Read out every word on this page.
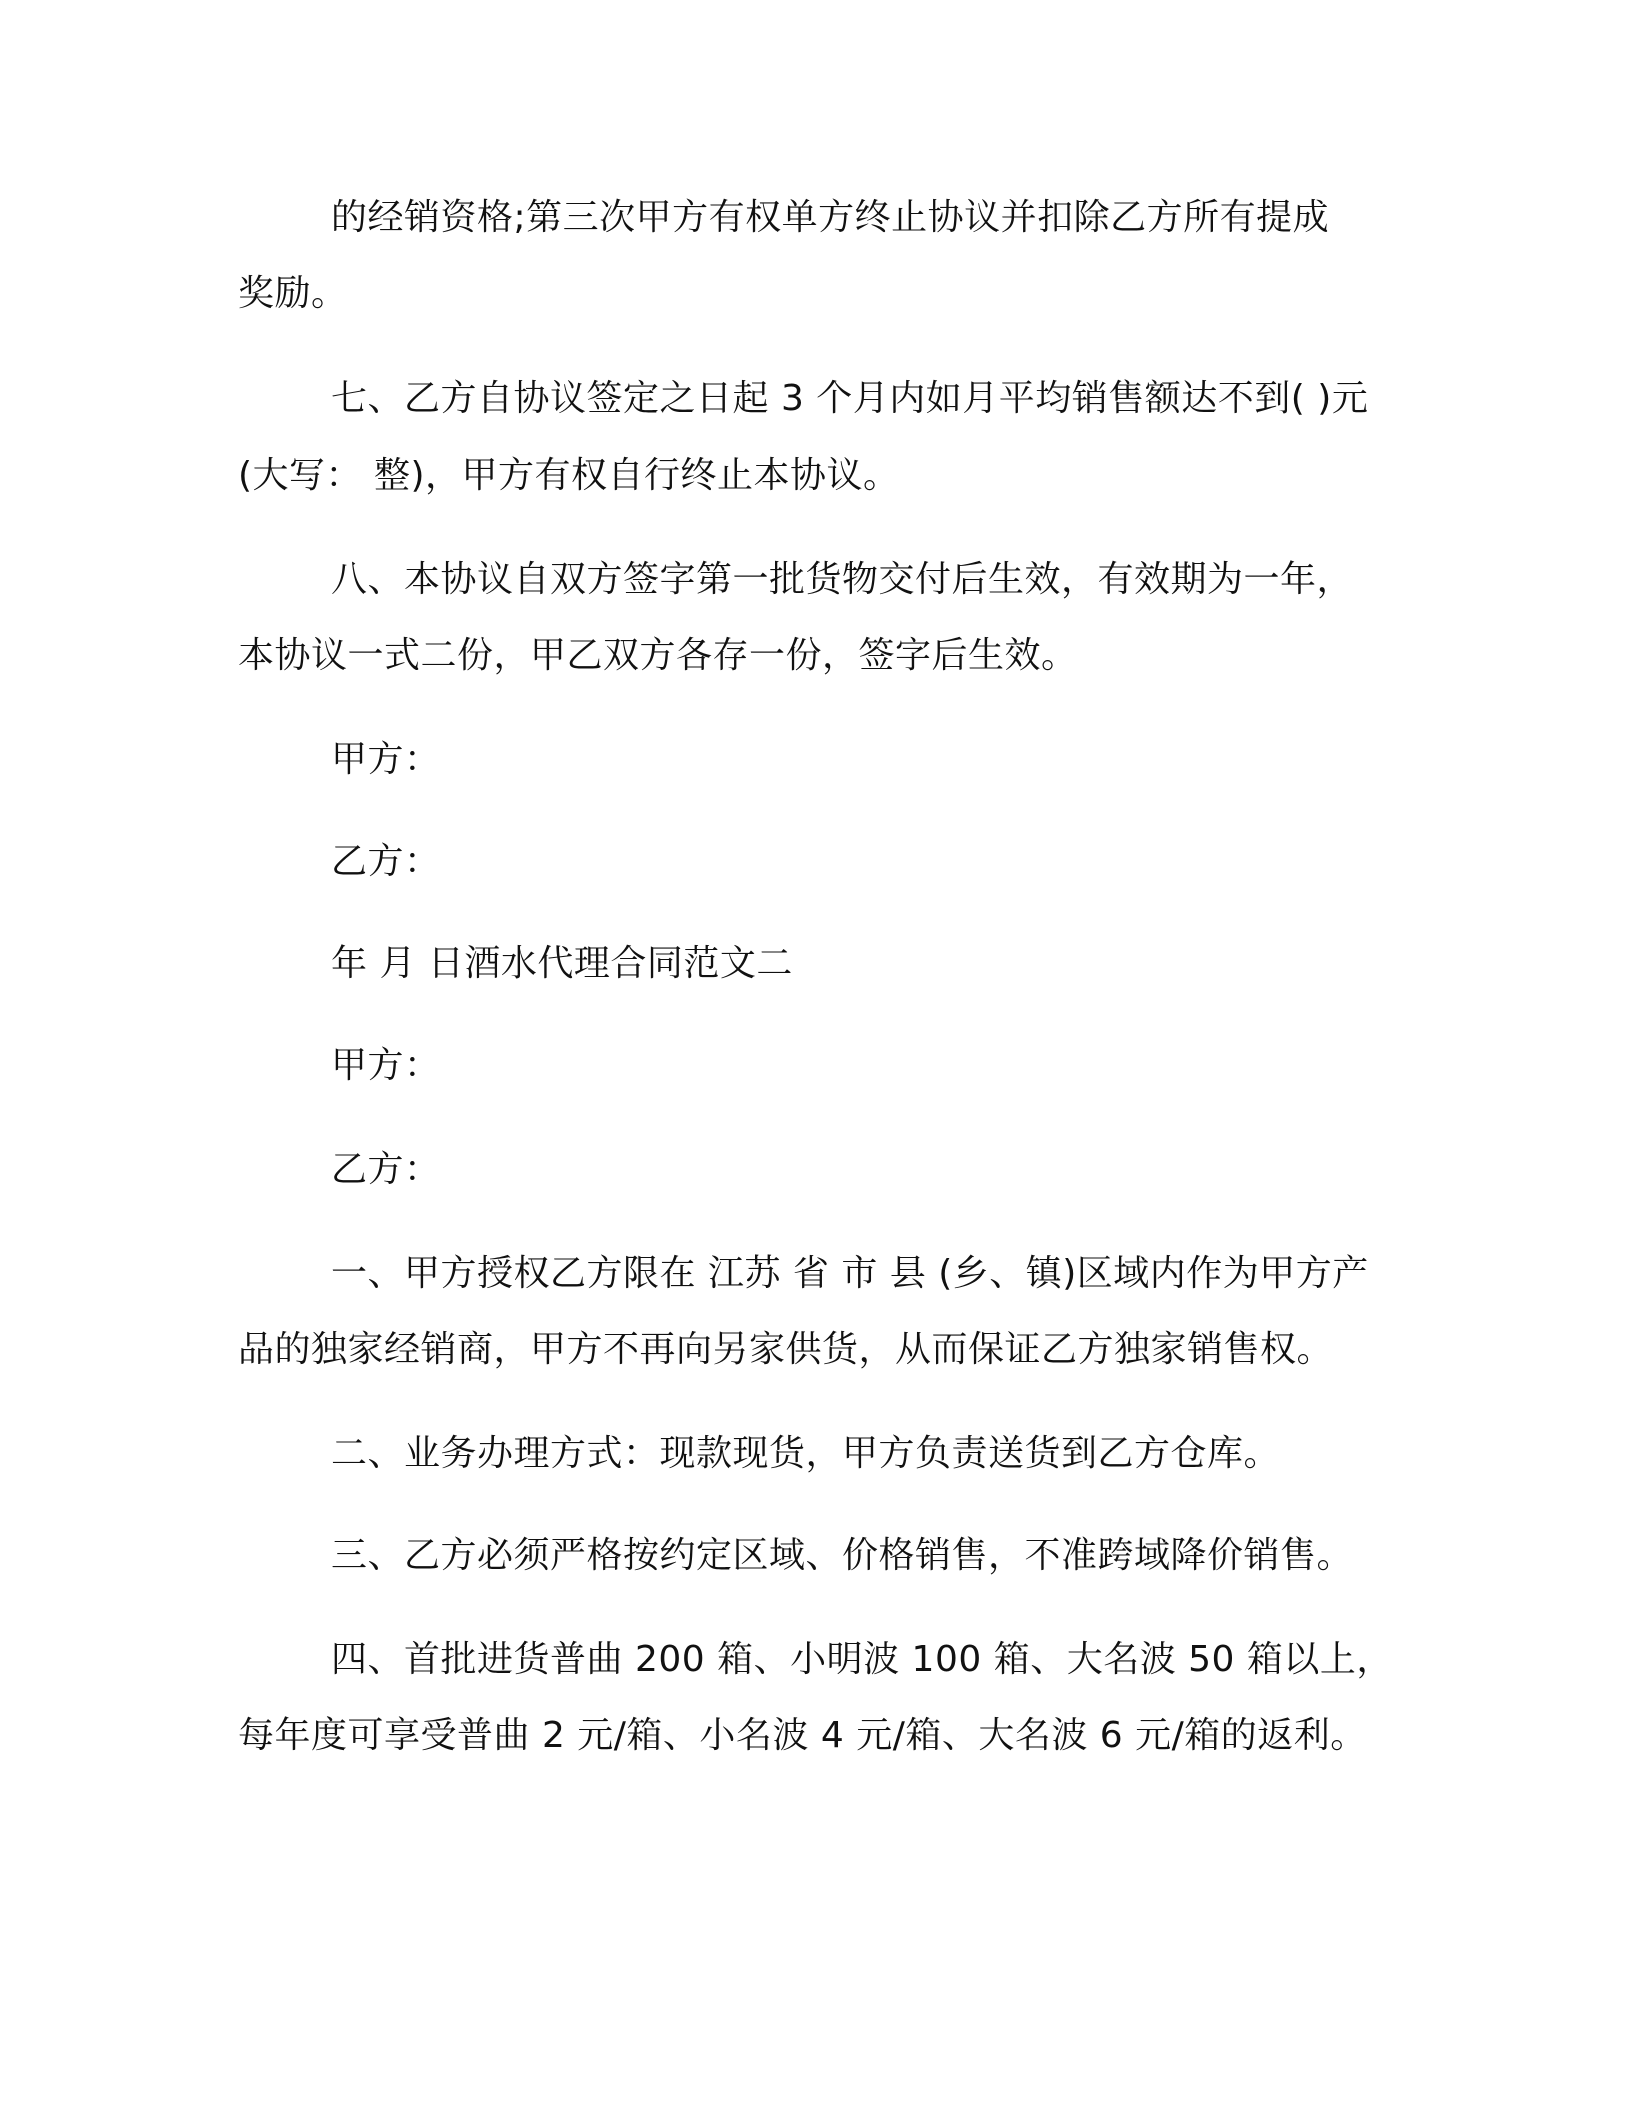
的经销资格;第三次甲方有权单方终止协议并扣除乙方所有提成
奖励。
七、乙方自协议签定之日起 3 个月内如月平均销售额达不到( )元
(大写： 整)，甲方有权自行终止本协议。
八、本协议自双方签字第一批货物交付后生效，有效期为一年，
本协议一式二份，甲乙双方各存一份，签字后生效。
甲方：
乙方：
年 月 日酒水代理合同范文二
甲方：
乙方：
一、甲方授权乙方限在 江苏 省 市 县 (乡、镇)区域内作为甲方产
品的独家经销商，甲方不再向另家供货，从而保证乙方独家销售权。
二、业务办理方式：现款现货，甲方负责送货到乙方仓库。
三、乙方必须严格按约定区域、价格销售，不准跨域降价销售。
四、首批进货普曲 200 箱、小明波 100 箱、大名波 50 箱以上，
每年度可享受普曲 2 元/箱、小名波 4 元/箱、大名波 6 元/箱的返利。
